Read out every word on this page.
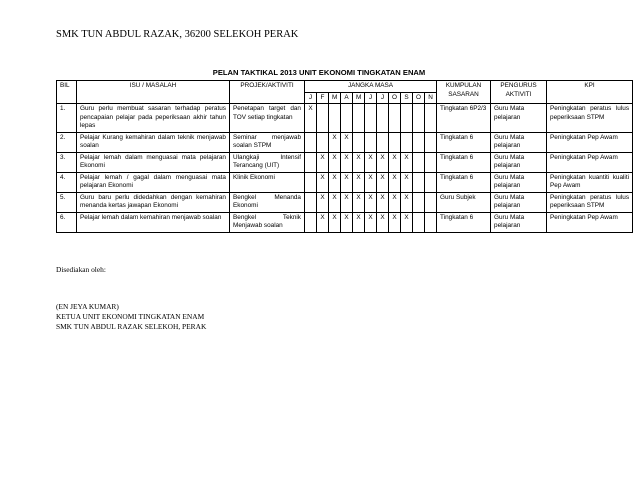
SMK TUN ABDUL RAZAK, 36200 SELEKOH PERAK
PELAN TAKTIKAL 2013 UNIT EKONOMI TINGKATAN ENAM
BIL	ISU / MASALAH	PROJEK/AKTIVITI	JANGKA MASA											KUMPULAN SASARAN	PENGURUS AKTIVITI	KPI
			J	F	M	A	M	J	J	O	S	O	N			
1.	Guru perlu membuat sasaran terhadap peratus pencapaian pelajar pada peperiksaan akhir tahun lepas	Penetapan target dan TOV setiap tingkatan	X											Tingkatan 6P2/3	Guru Mata pelajaran	Peningkatan peratus lulus peperiksaan STPM
2.	Pelajar Kurang kemahiran dalam teknik menjawab soalan	Seminar menjawab soalan STPM			X	X								Tingkatan 6	Guru Mata pelajaran	Peningkatan Pep Awam
3.	Pelajar lemah dalam menguasai mata pelajaran Ekonomi	Ulangkaji Intensif Terancang (UIT)		X	X	X	X	X	X	X	X			Tingkatan 6	Guru Mata pelajaran	Peningkatan Pep Awam
4.	Pelajar lemah / gagal dalam menguasai mata pelajaran Ekonomi	Klinik Ekonomi		X	X	X	X	X	X	X	X			Tingkatan 6	Guru Mata pelajaran	Peningkatan kuantiti kualiti Pep Awam
5.	Guru baru perlu didedahkan dengan kemahiran menanda kertas jawapan Ekonomi	Bengkel Menanda Ekonomi		X	X	X	X	X	X	X	X			Guru Subjek	Guru Mata pelajaran	Peningkatan peratus lulus peperiksaan STPM
6.	Pelajar lemah dalam kemahiran menjawab soalan	Bengkel Teknik Menjawab soalan		X	X	X	X	X	X	X	X			Tingkatan 6	Guru Mata pelajaran	Peningkatan Pep Awam
Disediakan oleh:
(EN JEYA KUMAR)
KETUA UNIT EKONOMI TINGKATAN ENAM
SMK TUN ABDUL RAZAK SELEKOH, PERAK
